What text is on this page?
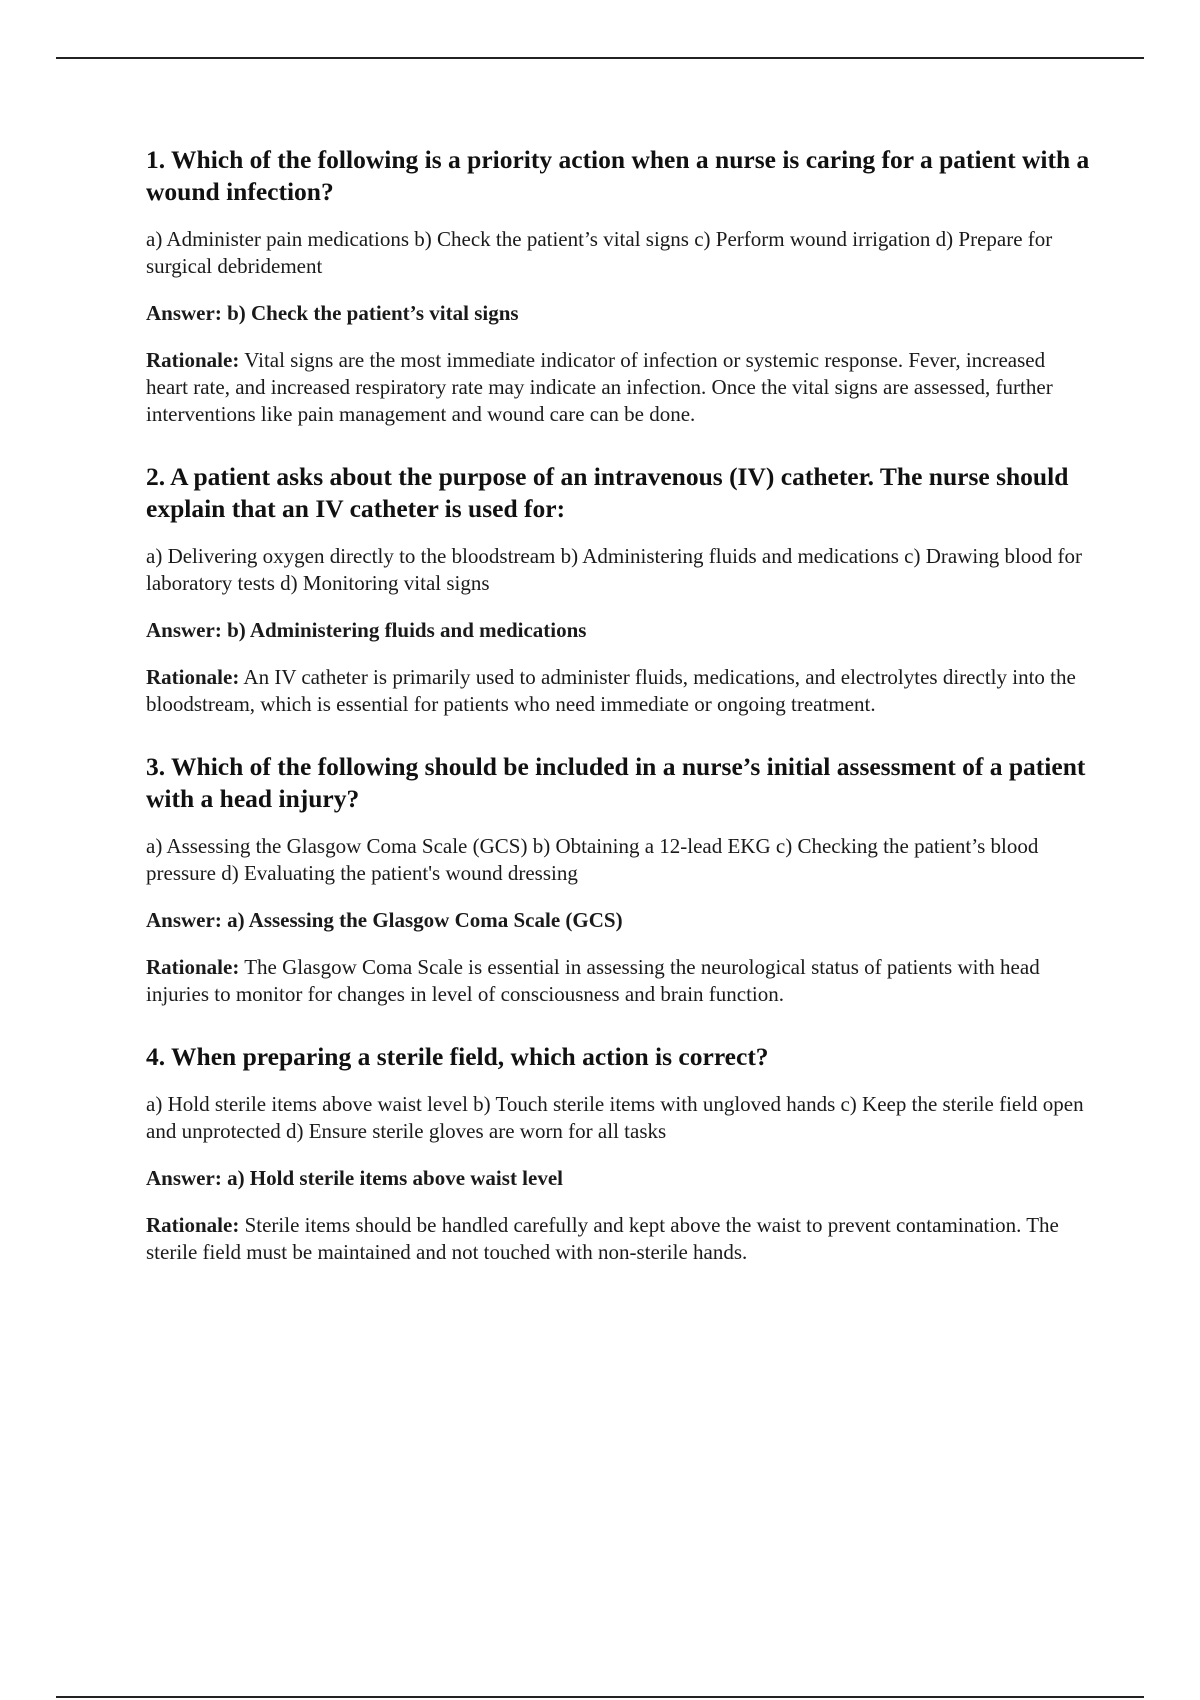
1. Which of the following is a priority action when a nurse is caring for a patient with a wound infection?
a) Administer pain medications b) Check the patient’s vital signs c) Perform wound irrigation d) Prepare for surgical debridement
Answer: b) Check the patient’s vital signs
Rationale: Vital signs are the most immediate indicator of infection or systemic response. Fever, increased heart rate, and increased respiratory rate may indicate an infection. Once the vital signs are assessed, further interventions like pain management and wound care can be done.
2. A patient asks about the purpose of an intravenous (IV) catheter. The nurse should explain that an IV catheter is used for:
a) Delivering oxygen directly to the bloodstream b) Administering fluids and medications c) Drawing blood for laboratory tests d) Monitoring vital signs
Answer: b) Administering fluids and medications
Rationale: An IV catheter is primarily used to administer fluids, medications, and electrolytes directly into the bloodstream, which is essential for patients who need immediate or ongoing treatment.
3. Which of the following should be included in a nurse’s initial assessment of a patient with a head injury?
a) Assessing the Glasgow Coma Scale (GCS) b) Obtaining a 12-lead EKG c) Checking the patient’s blood pressure d) Evaluating the patient's wound dressing
Answer: a) Assessing the Glasgow Coma Scale (GCS)
Rationale: The Glasgow Coma Scale is essential in assessing the neurological status of patients with head injuries to monitor for changes in level of consciousness and brain function.
4. When preparing a sterile field, which action is correct?
a) Hold sterile items above waist level b) Touch sterile items with ungloved hands c) Keep the sterile field open and unprotected d) Ensure sterile gloves are worn for all tasks
Answer: a) Hold sterile items above waist level
Rationale: Sterile items should be handled carefully and kept above the waist to prevent contamination. The sterile field must be maintained and not touched with non-sterile hands.
